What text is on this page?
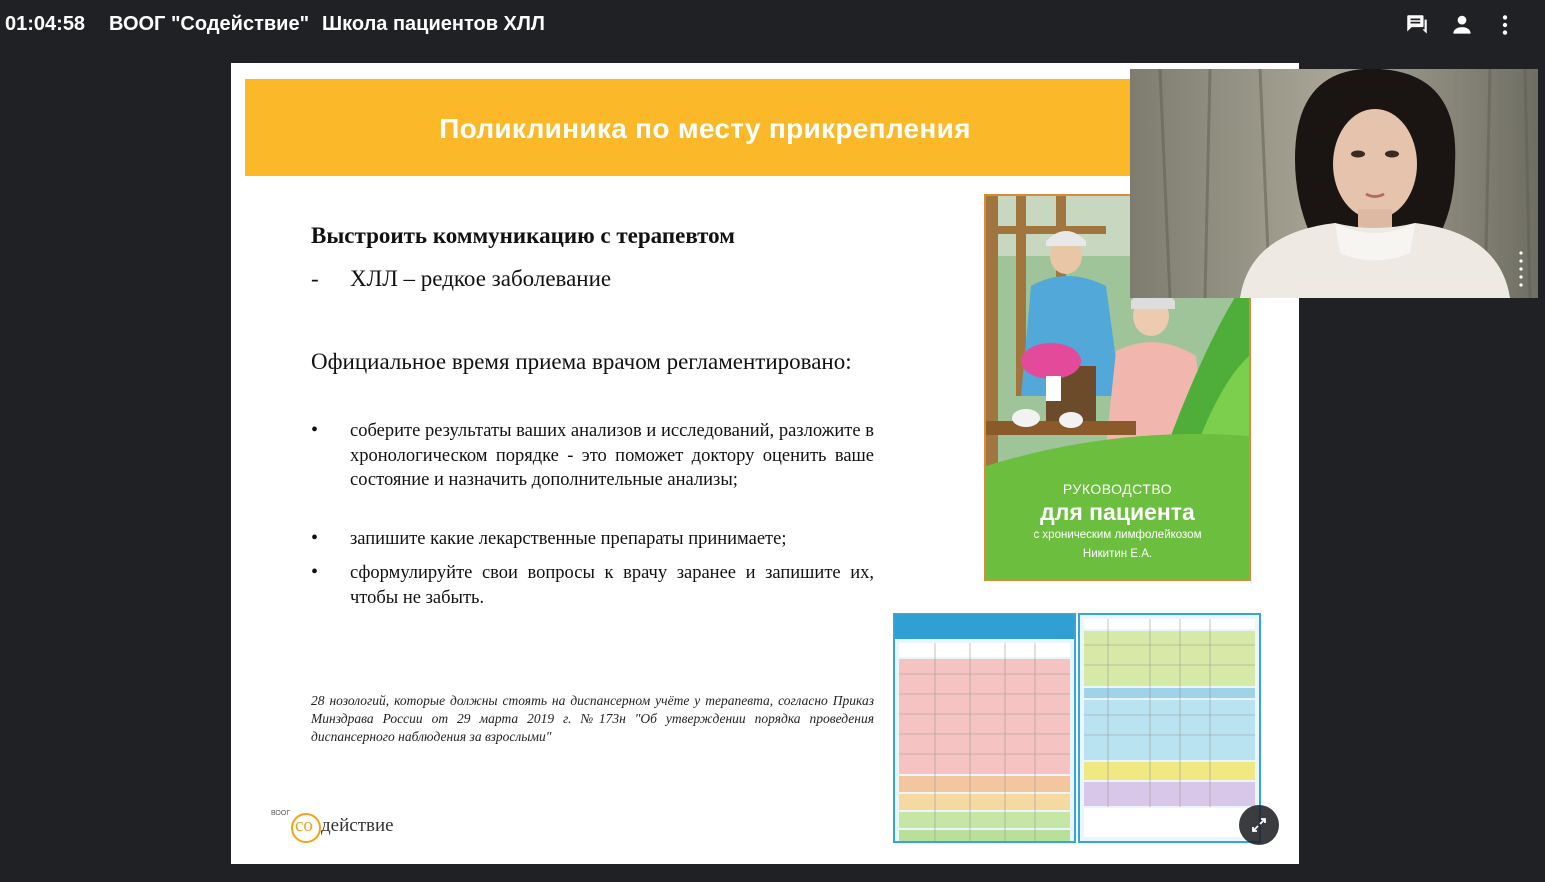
01:04:58 ВООГ "Содействие" Школа пациентов ХЛЛ
Поликлиника по месту прикрепления
Выстроить коммуникацию с терапевтом
- ХЛЛ – редкое заболевание
Официальное время приема врачом регламентировано:
• соберите результаты ваших анализов и исследований, разложите в хронологическом порядке - это поможет доктору оценить ваше состояние и назначить дополнительные анализы;
• запишите какие лекарственные препараты принимаете;
• сформулируйте свои вопросы к врачу заранее и запишите их, чтобы не забыть.
28 нозологий, которые должны стоять на диспансерном учёте у терапевта, согласно Приказ Минздрава России от 29 марта 2019 г. №173н "Об утверждении порядка проведения диспансерного наблюдения за взрослыми"
ВООГ
со действие
РУКОВОДСТВО
для пациента
с хроническим лимфолейкозом
Никитин Е.А.
